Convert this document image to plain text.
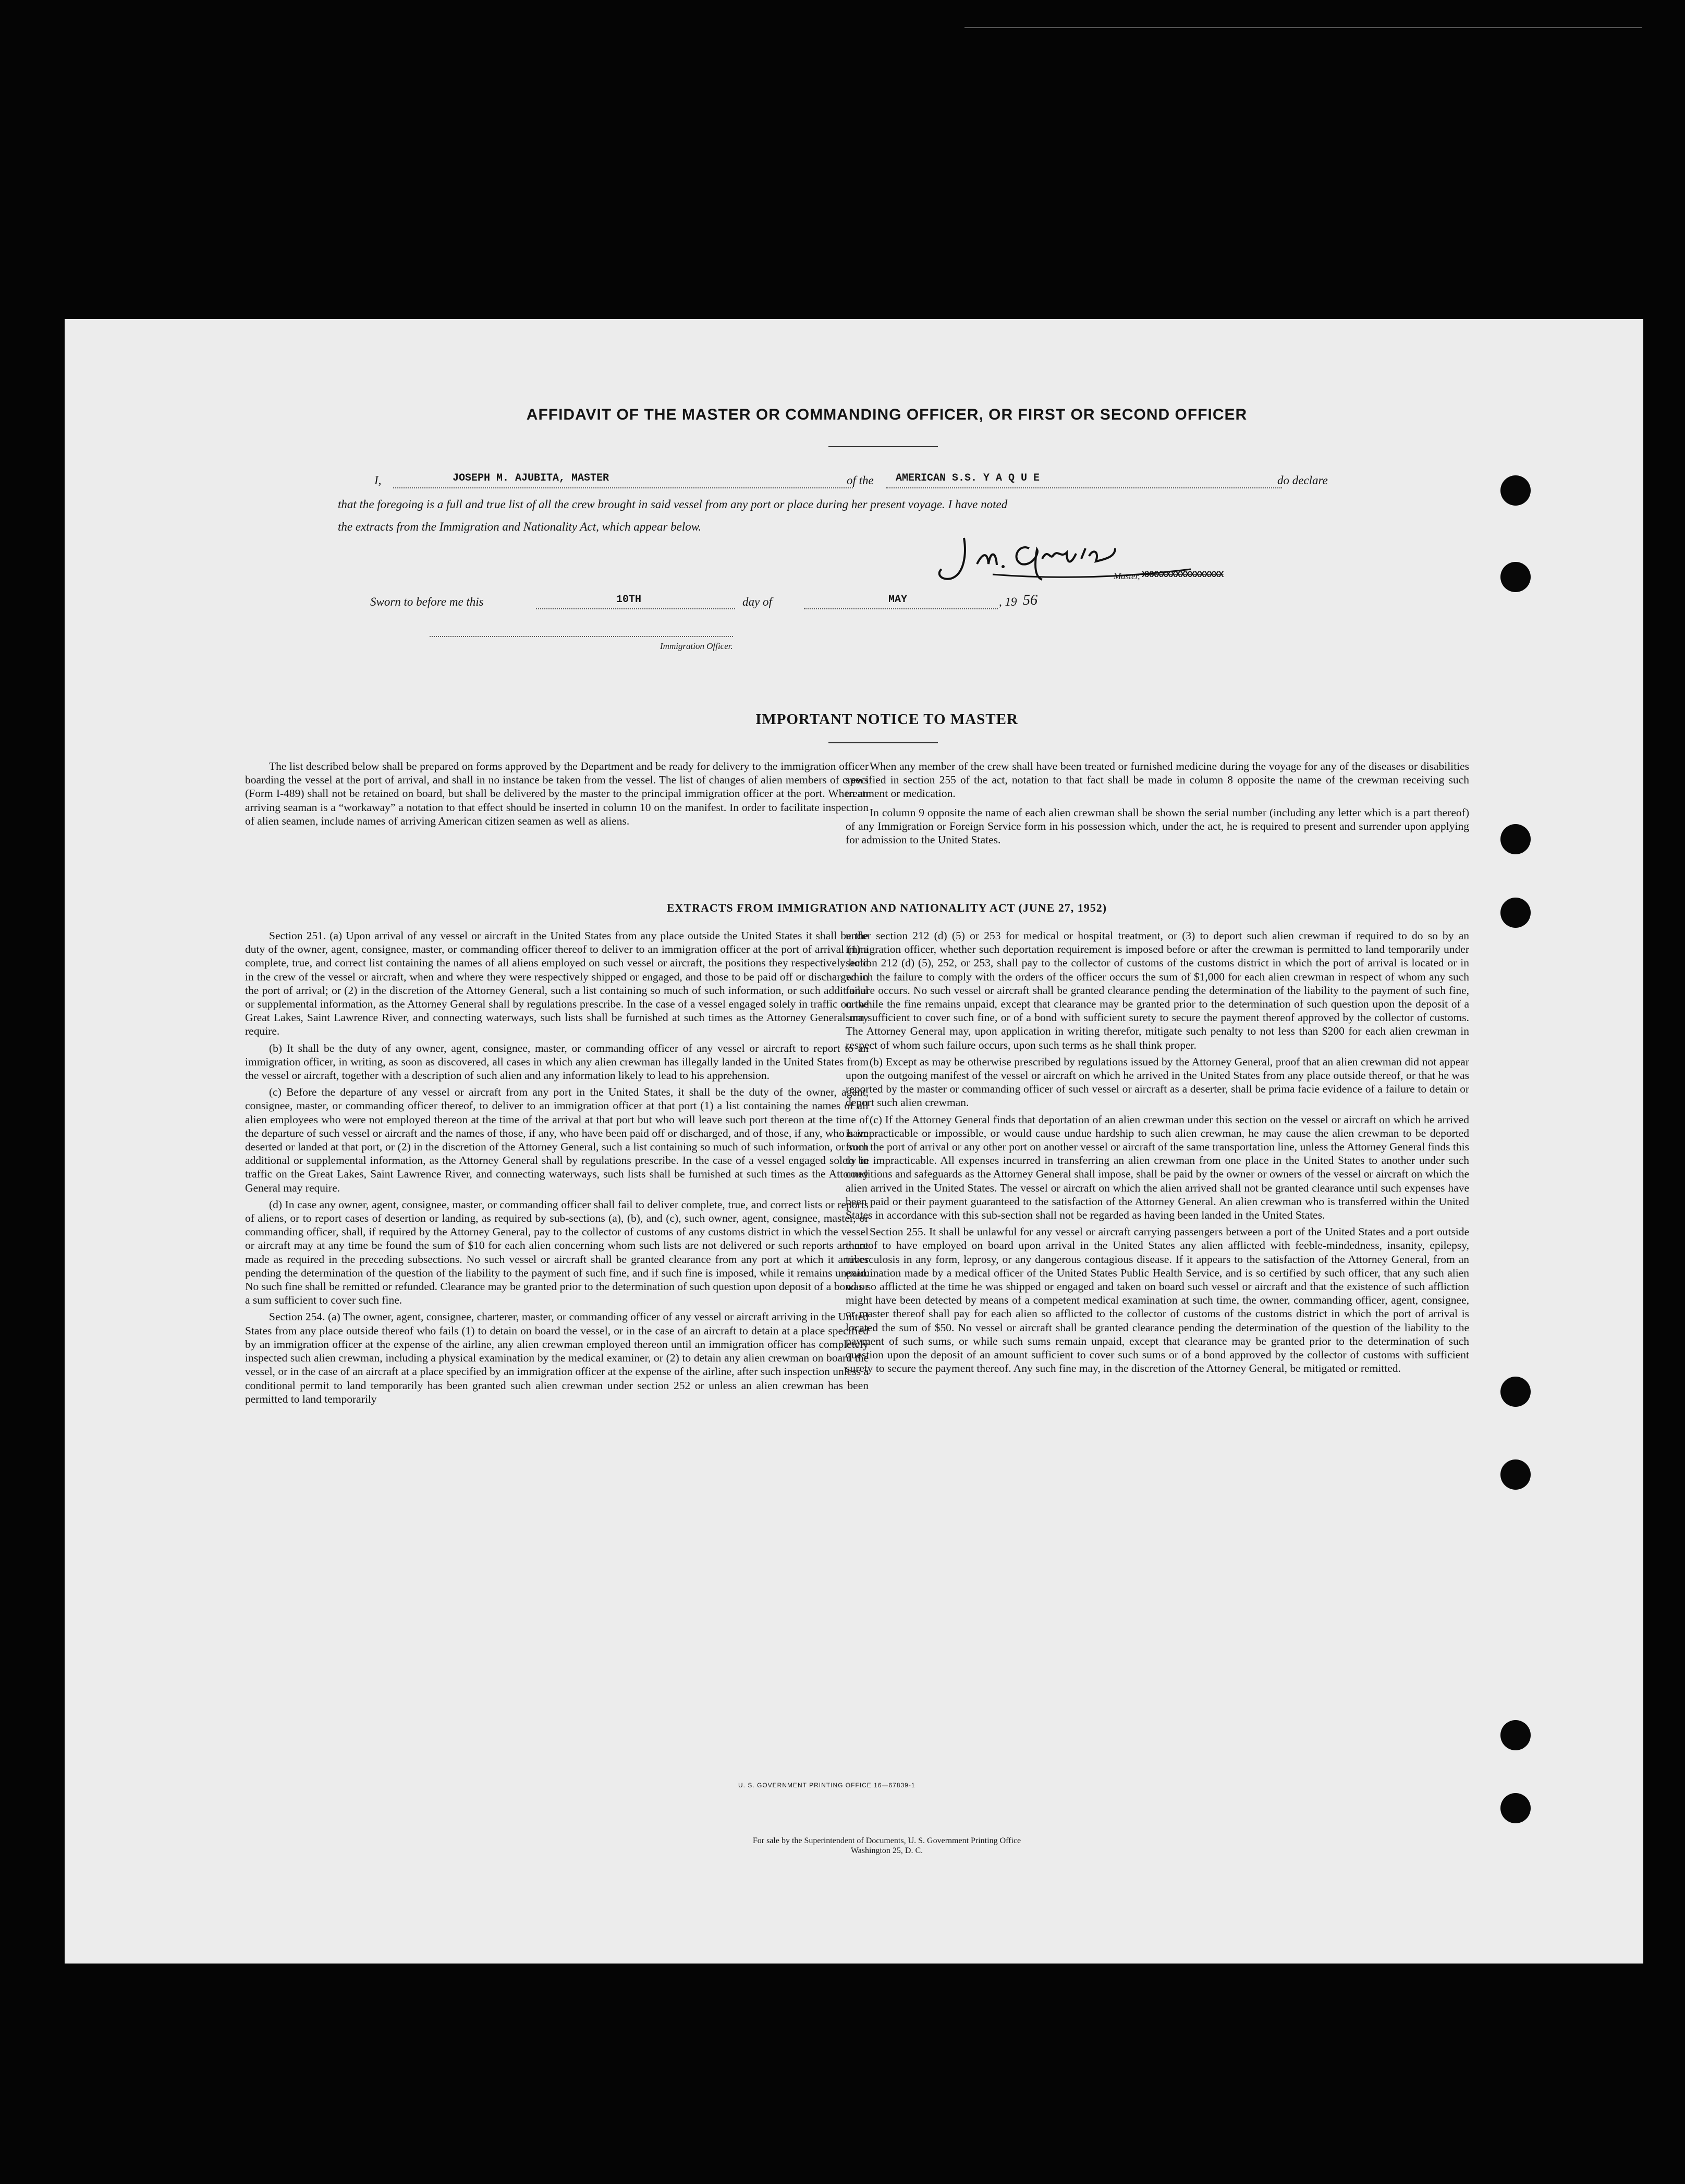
AFFIDAVIT OF THE MASTER OR COMMANDING OFFICER, OR FIRST OR SECOND OFFICER
I,	JOSEPH M. AJUBITA, MASTER	of the AMERICAN S.S. Y A Q U E	do declare
that the foregoing is a full and true list of all the crew brought in said vessel from any port or place during her present voyage. I have noted
the extracts from the Immigration and Nationality Act, which appear below.
Master, XXXXXXXXXXXXXXXXX
Sworn to before me this	10TH	day of	MAY	, 19 56
Immigration Officer.
IMPORTANT NOTICE TO MASTER

The list described below shall be prepared on forms approved by the Department and be ready for delivery to the immigration officer boarding the vessel at the port of arrival, and shall in no instance be taken from the vessel. The list of changes of alien members of crews (Form I-489) shall not be retained on board, but shall be delivered by the master to the principal immigration officer at the port. When an arriving seaman is a “workaway” a notation to that effect should be inserted in column 10 on the manifest. In order to facilitate inspection of alien seamen, include names of arriving American citizen seamen as well as aliens.

When any member of the crew shall have been treated or furnished medicine during the voyage for any of the diseases or disabilities specified in section 255 of the act, notation to that fact shall be made in column 8 opposite the name of the crewman receiving such treatment or medication.

In column 9 opposite the name of each alien crewman shall be shown the serial number (including any letter which is a part thereof) of any Immigration or Foreign Service form in his possession which, under the act, he is required to present and surrender upon applying for admission to the United States.

EXTRACTS FROM IMMIGRATION AND NATIONALITY ACT (JUNE 27, 1952)

Section 251. (a) Upon arrival of any vessel or aircraft in the United States from any place outside the United States it shall be the duty of the owner, agent, consignee, master, or commanding officer thereof to deliver to an immigration officer at the port of arrival (1) a complete, true, and correct list containing the names of all aliens employed on such vessel or aircraft, the positions they respectively hold in the crew of the vessel or aircraft, when and where they were respectively shipped or engaged, and those to be paid off or discharged in the port of arrival; or (2) in the discretion of the Attorney General, such a list containing so much of such information, or such additional or supplemental information, as the Attorney General shall by regulations prescribe. In the case of a vessel engaged solely in traffic on the Great Lakes, Saint Lawrence River, and connecting waterways, such lists shall be furnished at such times as the Attorney General may require.

(b) It shall be the duty of any owner, agent, consignee, master, or commanding officer of any vessel or aircraft to report to an immigration officer, in writing, as soon as discovered, all cases in which any alien crewman has illegally landed in the United States from the vessel or aircraft, together with a description of such alien and any information likely to lead to his apprehension.

(c) Before the departure of any vessel or aircraft from any port in the United States, it shall be the duty of the owner, agent, consignee, master, or commanding officer thereof, to deliver to an immigration officer at that port (1) a list containing the names of all alien employees who were not employed thereon at the time of the arrival at that port but who will leave such port thereon at the time of the departure of such vessel or aircraft and the names of those, if any, who have been paid off or discharged, and of those, if any, who have deserted or landed at that port, or (2) in the discretion of the Attorney General, such a list containing so much of such information, or such additional or supplemental information, as the Attorney General shall by regulations prescribe. In the case of a vessel engaged solely in traffic on the Great Lakes, Saint Lawrence River, and connecting waterways, such lists shall be furnished at such times as the Attorney General may require.

(d) In case any owner, agent, consignee, master, or commanding officer shall fail to deliver complete, true, and correct lists or reports of aliens, or to report cases of desertion or landing, as required by sub-sections (a), (b), and (c), such owner, agent, consignee, master, or commanding officer, shall, if required by the Attorney General, pay to the collector of customs of any customs district in which the vessel or aircraft may at any time be found the sum of $10 for each alien concerning whom such lists are not delivered or such reports are not made as required in the preceding subsections. No such vessel or aircraft shall be granted clearance from any port at which it arrives pending the determination of the question of the liability to the payment of such fine, and if such fine is imposed, while it remains unpaid. No such fine shall be remitted or refunded. Clearance may be granted prior to the determination of such question upon deposit of a bond or a sum sufficient to cover such fine.

Section 254. (a) The owner, agent, consignee, charterer, master, or commanding officer of any vessel or aircraft arriving in the United States from any place outside thereof who fails (1) to detain on board the vessel, or in the case of an aircraft to detain at a place specified by an immigration officer at the expense of the airline, any alien crewman employed thereon until an immigration officer has completely inspected such alien crewman, including a physical examination by the medical examiner, or (2) to detain any alien crewman on board the vessel, or in the case of an aircraft at a place specified by an immigration officer at the expense of the airline, after such inspection unless a conditional permit to land temporarily has been granted such alien crewman under section 252 or unless an alien crewman has been permitted to land temporarily

under section 212 (d) (5) or 253 for medical or hospital treatment, or (3) to deport such alien crewman if required to do so by an immigration officer, whether such deportation requirement is imposed before or after the crewman is permitted to land temporarily under section 212 (d) (5), 252, or 253, shall pay to the collector of customs of the customs district in which the port of arrival is located or in which the failure to comply with the orders of the officer occurs the sum of $1,000 for each alien crewman in respect of whom any such failure occurs. No such vessel or aircraft shall be granted clearance pending the determination of the liability to the payment of such fine, or while the fine remains unpaid, except that clearance may be granted prior to the determination of such question upon the deposit of a sum sufficient to cover such fine, or of a bond with sufficient surety to secure the payment thereof approved by the collector of customs. The Attorney General may, upon application in writing therefor, mitigate such penalty to not less than $200 for each alien crewman in respect of whom such failure occurs, upon such terms as he shall think proper.

(b) Except as may be otherwise prescribed by regulations issued by the Attorney General, proof that an alien crewman did not appear upon the outgoing manifest of the vessel or aircraft on which he arrived in the United States from any place outside thereof, or that he was reported by the master or commanding officer of such vessel or aircraft as a deserter, shall be prima facie evidence of a failure to detain or deport such alien crewman.

(c) If the Attorney General finds that deportation of an alien crewman under this section on the vessel or aircraft on which he arrived is impracticable or impossible, or would cause undue hardship to such alien crewman, he may cause the alien crewman to be deported from the port of arrival or any other port on another vessel or aircraft of the same transportation line, unless the Attorney General finds this to be impracticable. All expenses incurred in transferring an alien crewman from one place in the United States to another under such conditions and safeguards as the Attorney General shall impose, shall be paid by the owner or owners of the vessel or aircraft on which the alien arrived in the United States. The vessel or aircraft on which the alien arrived shall not be granted clearance until such expenses have been paid or their payment guaranteed to the satisfaction of the Attorney General. An alien crewman who is transferred within the United States in accordance with this sub-section shall not be regarded as having been landed in the United States.

Section 255. It shall be unlawful for any vessel or aircraft carrying passengers between a port of the United States and a port outside thereof to have employed on board upon arrival in the United States any alien afflicted with feeble-mindedness, insanity, epilepsy, tuberculosis in any form, leprosy, or any dangerous contagious disease. If it appears to the satisfaction of the Attorney General, from an examination made by a medical officer of the United States Public Health Service, and is so certified by such officer, that any such alien was so afflicted at the time he was shipped or engaged and taken on board such vessel or aircraft and that the existence of such affliction might have been detected by means of a competent medical examination at such time, the owner, commanding officer, agent, consignee, or master thereof shall pay for each alien so afflicted to the collector of customs of the customs district in which the port of arrival is located the sum of $50. No vessel or aircraft shall be granted clearance pending the determination of the question of the liability to the payment of such sums, or while such sums remain unpaid, except that clearance may be granted prior to the determination of such question upon the deposit of an amount sufficient to cover such sums or of a bond approved by the collector of customs with sufficient surety to secure the payment thereof. Any such fine may, in the discretion of the Attorney General, be mitigated or remitted.

U. S. GOVERNMENT PRINTING OFFICE 16—67839-1
For sale by the Superintendent of Documents, U. S. Government Printing Office
Washington 25, D. C.
